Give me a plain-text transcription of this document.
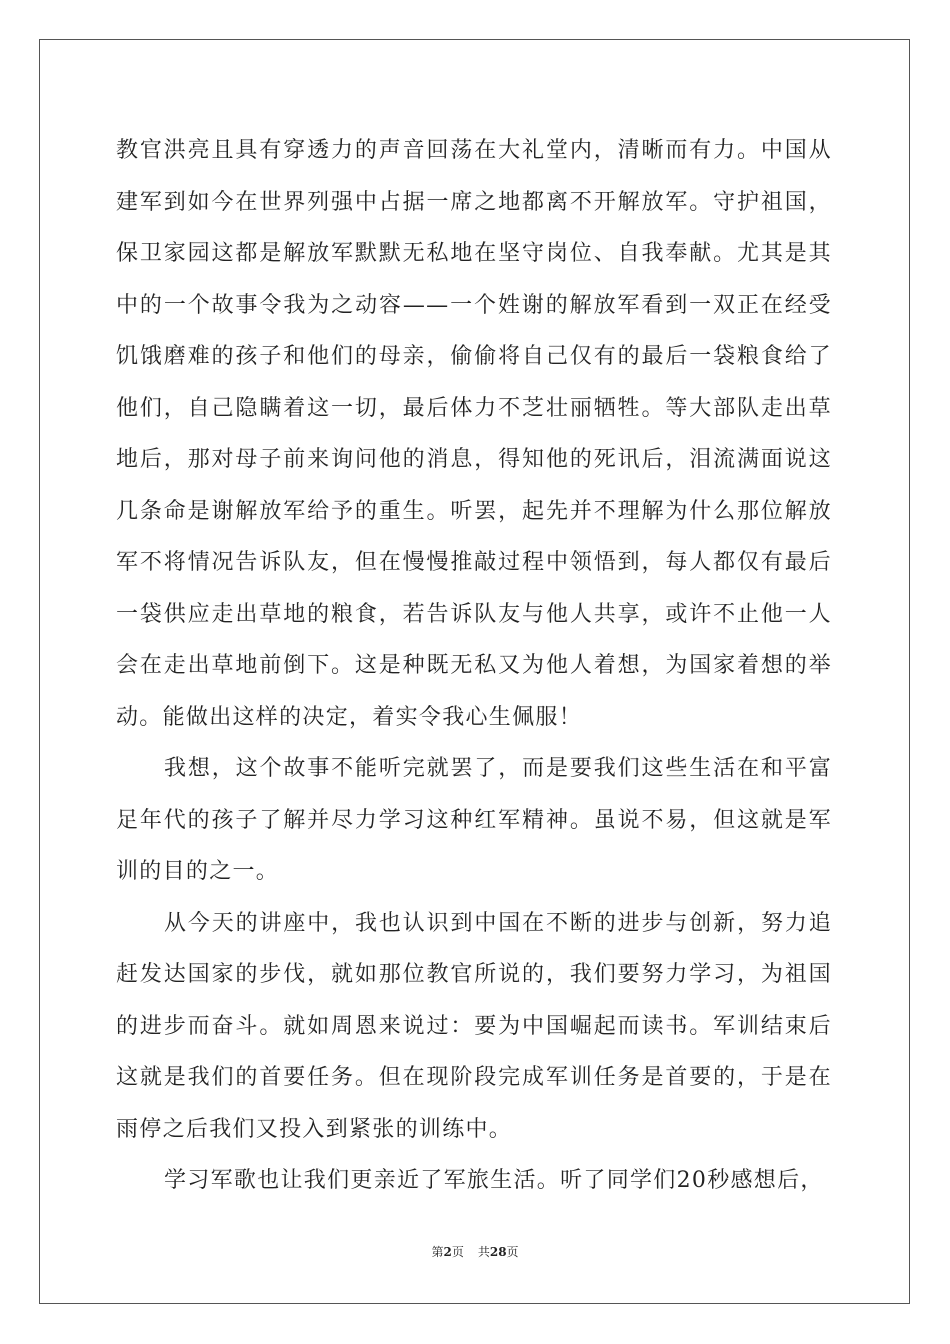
教官洪亮且具有穿透力的声音回荡在大礼堂内，清晰而有力。中国从建军到如今在世界列强中占据一席之地都离不开解放军。守护祖国，保卫家园这都是解放军默默无私地在坚守岗位、自我奉献。尤其是其中的一个故事令我为之动容——一个姓谢的解放军看到一双正在经受饥饿磨难的孩子和他们的母亲，偷偷将自己仅有的最后一袋粮食给了他们，自己隐瞒着这一切，最后体力不芝壮丽牺牲。等大部队走出草地后，那对母子前来询问他的消息，得知他的死讯后，泪流满面说这几条命是谢解放军给予的重生。听罢，起先并不理解为什么那位解放军不将情况告诉队友，但在慢慢推敲过程中领悟到，每人都仅有最后一袋供应走出草地的粮食，若告诉队友与他人共享，或许不止他一人会在走出草地前倒下。这是种既无私又为他人着想，为国家着想的举动。能做出这样的决定，着实令我心生佩服！

我想，这个故事不能听完就罢了，而是要我们这些生活在和平富足年代的孩子了解并尽力学习这种红军精神。虽说不易，但这就是军训的目的之一。

从今天的讲座中，我也认识到中国在不断的进步与创新，努力追赶发达国家的步伐，就如那位教官所说的，我们要努力学习，为祖国的进步而奋斗。就如周恩来说过：要为中国崛起而读书。军训结束后这就是我们的首要任务。但在现阶段完成军训任务是首要的，于是在雨停之后我们又投入到紧张的训练中。

学习军歌也让我们更亲近了军旅生活。听了同学们20秒感想后，

第2页 共28页
